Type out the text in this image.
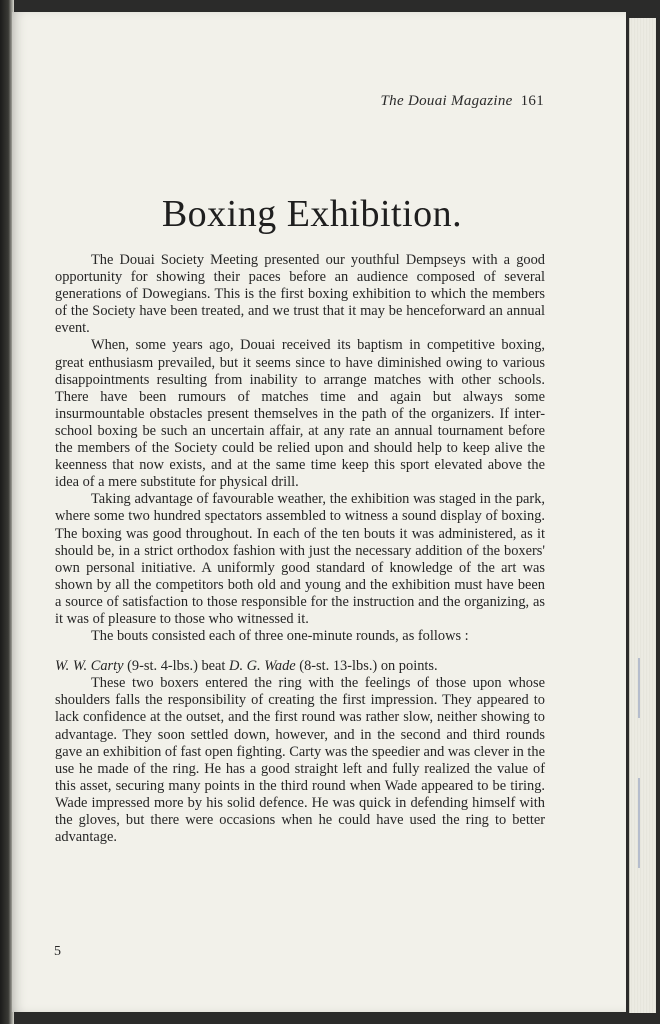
The Douai Magazine 161
Boxing Exhibition.

The Douai Society Meeting presented our youthful Dempseys with a good opportunity for showing their paces before an audience composed of several generations of Dowegians. This is the first boxing exhibition to which the members of the Society have been treated, and we trust that it may be henceforward an annual event.

When, some years ago, Douai received its baptism in competitive boxing, great enthusiasm prevailed, but it seems since to have diminished owing to various disappointments resulting from inability to arrange matches with other schools. There have been rumours of matches time and again but always some insurmountable obstacles present themselves in the path of the organizers. If inter-school boxing be such an uncertain affair, at any rate an annual tournament before the members of the Society could be relied upon and should help to keep alive the keenness that now exists, and at the same time keep this sport elevated above the idea of a mere substitute for physical drill.

Taking advantage of favourable weather, the exhibition was staged in the park, where some two hundred spectators assembled to witness a sound display of boxing. The boxing was good throughout. In each of the ten bouts it was administered, as it should be, in a strict orthodox fashion with just the necessary addition of the boxers' own personal initiative. A uniformly good standard of knowledge of the art was shown by all the competitors both old and young and the exhibition must have been a source of satisfaction to those responsible for the instruction and the organizing, as it was of pleasure to those who witnessed it.

The bouts consisted each of three one-minute rounds, as follows :

W. W. Carty (9-st. 4-lbs.) beat D. G. Wade (8-st. 13-lbs.) on points.

These two boxers entered the ring with the feelings of those upon whose shoulders falls the responsibility of creating the first impression. They appeared to lack confidence at the outset, and the first round was rather slow, neither showing to advantage. They soon settled down, however, and in the second and third rounds gave an exhibition of fast open fighting. Carty was the speedier and was clever in the use he made of the ring. He has a good straight left and fully realized the value of this asset, securing many points in the third round when Wade appeared to be tiring. Wade impressed more by his solid defence. He was quick in defending himself with the gloves, but there were occasions when he could have used the ring to better advantage.

5
